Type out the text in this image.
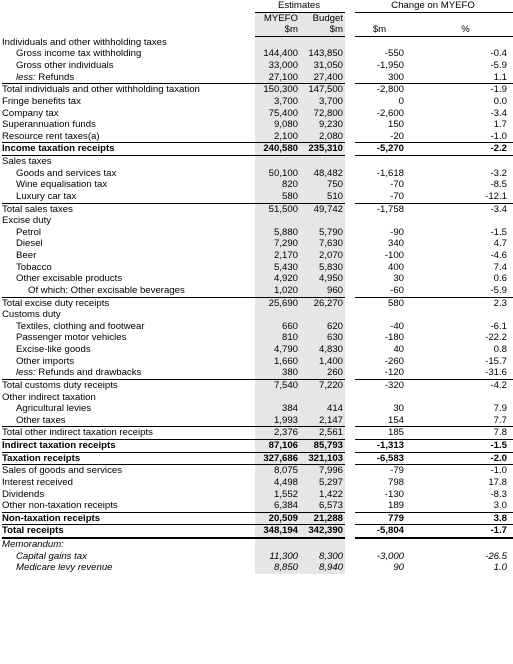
	Estimates			Change on MYEFO	
	MYEFO	Budget			
	$m	$m		$m	%
Individuals and other withholding taxes					
Gross income tax withholding	144,400	143,850		-550	-0.4
Gross other individuals	33,000	31,050		-1,950	-5.9
less: Refunds	27,100	27,400		300	1.1
Total individuals and other withholding taxation	150,300	147,500		-2,800	-1.9
Fringe benefits tax	3,700	3,700		0	0.0
Company tax	75,400	72,800		-2,600	-3.4
Superannuation funds	9,080	9,230		150	1.7
Resource rent taxes(a)	2,100	2,080		-20	-1.0
Income taxation receipts	240,580	235,310		-5,270	-2.2
Sales taxes					
Goods and services tax	50,100	48,482		-1,618	-3.2
Wine equalisation tax	820	750		-70	-8.5
Luxury car tax	580	510		-70	-12.1
Total sales taxes	51,500	49,742		-1,758	-3.4
Excise duty					
Petrol	5,880	5,790		-90	-1.5
Diesel	7,290	7,630		340	4.7
Beer	2,170	2,070		-100	-4.6
Tobacco	5,430	5,830		400	7.4
Other excisable products	4,920	4,950		30	0.6
Of which: Other excisable beverages	1,020	960		-60	-5.9
Total excise duty receipts	25,690	26,270		580	2.3
Customs duty					
Textiles, clothing and footwear	660	620		-40	-6.1
Passenger motor vehicles	810	630		-180	-22.2
Excise-like goods	4,790	4,830		40	0.8
Other imports	1,660	1,400		-260	-15.7
less: Refunds and drawbacks	380	260		-120	-31.6
Total customs duty receipts	7,540	7,220		-320	-4.2
Other indirect taxation					
Agricultural levies	384	414		30	7.9
Other taxes	1,993	2,147		154	7.7
Total other indirect taxation receipts	2,376	2,561		185	7.8
Indirect taxation receipts	87,106	85,793		-1,313	-1.5
Taxation receipts	327,686	321,103		-6,583	-2.0
Sales of goods and services	8,075	7,996		-79	-1.0
Interest received	4,498	5,297		798	17.8
Dividends	1,552	1,422		-130	-8.3
Other non-taxation receipts	6,384	6,573		189	3.0
Non-taxation receipts	20,509	21,288		779	3.8
Total receipts	348,194	342,390		-5,804	-1.7
Memorandum:					
Capital gains tax	11,300	8,300		-3,000	-26.5
Medicare levy revenue	8,850	8,940		90	1.0
